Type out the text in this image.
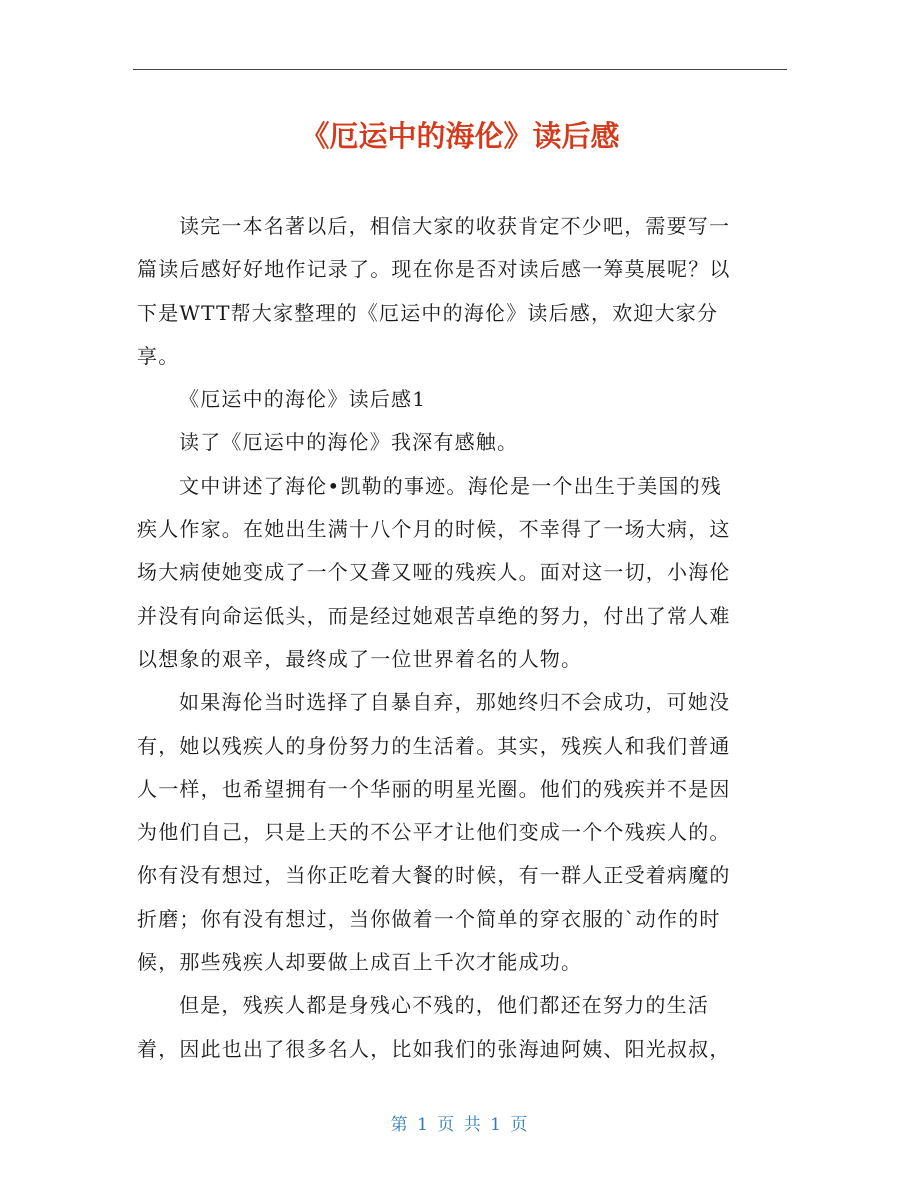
《厄运中的海伦》读后感
读完一本名著以后，相信大家的收获肯定不少吧，需要写一
篇读后感好好地作记录了。现在你是否对读后感一筹莫展呢？以
下是WTT帮大家整理的《厄运中的海伦》读后感，欢迎大家分
享。
《厄运中的海伦》读后感1
读了《厄运中的海伦》我深有感触。
文中讲述了海伦•凯勒的事迹。海伦是一个出生于美国的残
疾人作家。在她出生满十八个月的时候，不幸得了一场大病，这
场大病使她变成了一个又聋又哑的残疾人。面对这一切，小海伦
并没有向命运低头，而是经过她艰苦卓绝的努力，付出了常人难
以想象的艰辛，最终成了一位世界着名的人物。
如果海伦当时选择了自暴自弃，那她终归不会成功，可她没
有，她以残疾人的身份努力的生活着。其实，残疾人和我们普通
人一样，也希望拥有一个华丽的明星光圈。他们的残疾并不是因
为他们自己，只是上天的不公平才让他们变成一个个残疾人的。
你有没有想过，当你正吃着大餐的时候，有一群人正受着病魔的
折磨；你有没有想过，当你做着一个简单的穿衣服的`动作的时
候，那些残疾人却要做上成百上千次才能成功。
但是，残疾人都是身残心不残的，他们都还在努力的生活
着，因此也出了很多名人，比如我们的张海迪阿姨、阳光叔叔，
第 1 页 共 1 页
